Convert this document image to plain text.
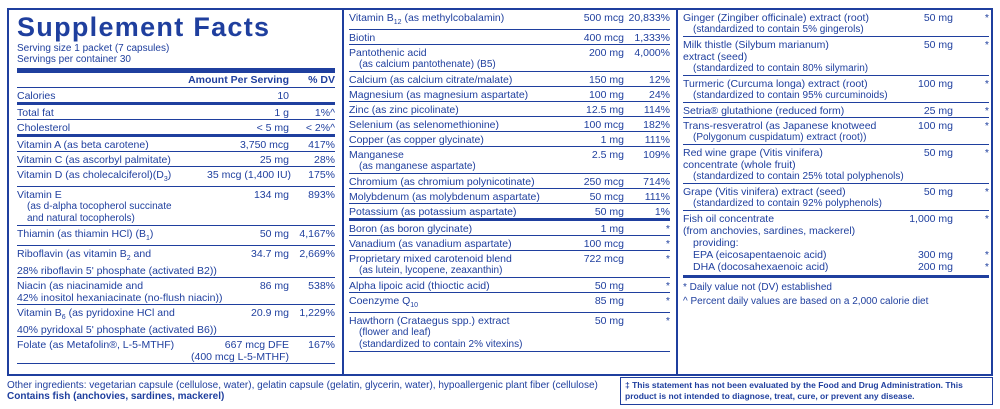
Supplement Facts
Serving size 1 packet (7 capsules)
Servings per container 30
Amount Per Serving	% DV
Calories	10
Total fat	1 g	1%^
Cholesterol	< 5 mg	< 2%^
Vitamin A (as beta carotene)	3,750 mcg	417%
Vitamin C (as ascorbyl palmitate)	25 mg	28%
Vitamin D (as $cholecalciferol)(D_3)$	35 mcg (1,400 IU)	175%
Vitamin E	134 mg	893%
(as d-alpha tocopherol succinate
and natural tocopherols)
Thiamin (as thiamin HCl) $(B_1)$	50 mg 4,167%
Riboflavin (as vitamin $B_2$ and	34.7 mg 2,669%
28% riboflavin 5' phosphate (activated B2))
Niacin (as niacinamide and	86 mg	538%
42% inositol hexaniacinate (no-flush niacin))
Vitamin $B_6$ (as pyridoxine HCl and	20.9 mg 1,229%
40% pyridoxal 5' phosphate (activated B6))
Folate (as Metafolin®, L-5-MTHF)	667 mcg DFE	167%
(400 mcg L-5-MTHF)
Vitamin $B_{12}$ (as methylcobalamin)	500 mcg 20,833%
Biotin	400 mcg 1,333%
Pantothenic acid	200 mg 4,000%
(as calcium pantothenate) (B5)
Calcium (as calcium citrate/malate)	150 mg	12%
Magnesium (as magnesium aspartate)	100 mg	24%
Zinc (as zinc picolinate)	12.5 mg	114%
Selenium (as selenomethionine)	100 mcg	182%
Copper (as copper glycinate)	1 mg	111%
Manganese	2.5 mg	109%
(as manganese aspartate)
Chromium (as chromium polynicotinate)	250 mcg	714%
Molybdenum (as molybdenum aspartate)	50 mcg	111%
Potassium (as potassium aspartate)	50 mg	1%
Boron (as boron glycinate)	1 mg	*
Vanadium (as vanadium aspartate)	100 mcg	*
Proprietary mixed carotenoid blend	722 mcg	*
(as lutein, lycopene, zeaxanthin)
Alpha lipoic acid (thioctic acid)	50 mg	*
Coenzyme $Q_{10}$	85 mg	*
Hawthorn (Crataegus spp.) extract	50 mg	*
(flower and leaf)
(standardized to contain 2% vitexins)
Ginger (Zingiber officinale) extract (root)	50 mg	*
(standardized to contain 5% gingerols)
Milk thistle (Silybum marianum)	50 mg	*
extract (seed)
(standardized to contain 80% silymarin)
Turmeric (Curcuma longa) extract (root)	100 mg	*
(standardized to contain 95% curcuminoids)
Setria® glutathione (reduced form)	25 mg	*
Trans-resveratrol (as Japanese knotweed	100 mg	*
(Polygonum cuspidatum) extract (root))
Red wine grape (Vitis vinifera)	50 mg	*
concentrate (whole fruit)
(standardized to contain 25% total polyphenols)
Grape (Vitis vinifera) extract (seed)	50 mg	*
(standardized to contain 92% polyphenols)
Fish oil concentrate	1,000 mg	*
(from anchovies, sardines, mackerel)
providing:
EPA (eicosapentaenoic acid)	300 mg	*
DHA (docosahexaenoic acid)	200 mg	*
* Daily value not (DV) established
^ Percent daily values are based on a 2,000 calorie diet
Other ingredients: vegetarian capsule (cellulose, water), gelatin capsule (gelatin, glycerin, water), hypoallergenic plant fiber (cellulose)
Contains fish (anchovies, sardines, mackerel)
‡ This statement has not been evaluated by the Food and Drug Administration. This product is not intended to diagnose, treat, cure, or prevent any disease.
